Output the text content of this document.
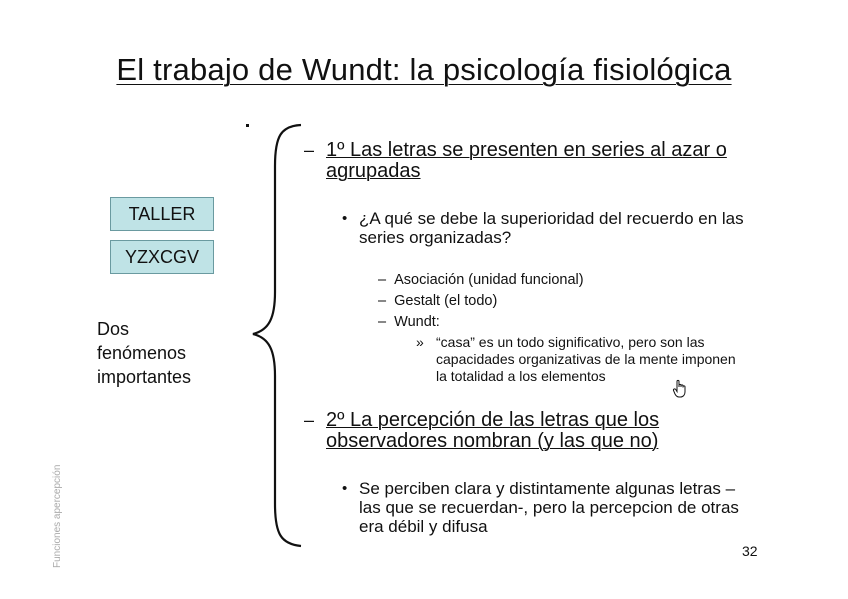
El trabajo de Wundt: la psicología fisiológica
TALLER
YZXCGV
Dos
fenómenos
importantes
– 1º Las letras se presenten en series al azar o
agrupadas
• ¿A qué se debe la superioridad del recuerdo en las
series organizadas?
– Asociación (unidad funcional)
– Gestalt (el todo)
– Wundt:
» “casa” es un todo significativo, pero son las
capacidades organizativas de la mente imponen
la totalidad a los elementos
– 2º La percepción de las letras que los
observadores nombran (y las que no)
• Se perciben clara y distintamente algunas letras –
las que se recuerdan-, pero la percepcion de otras
era débil y difusa
Funciones apercepción	32
